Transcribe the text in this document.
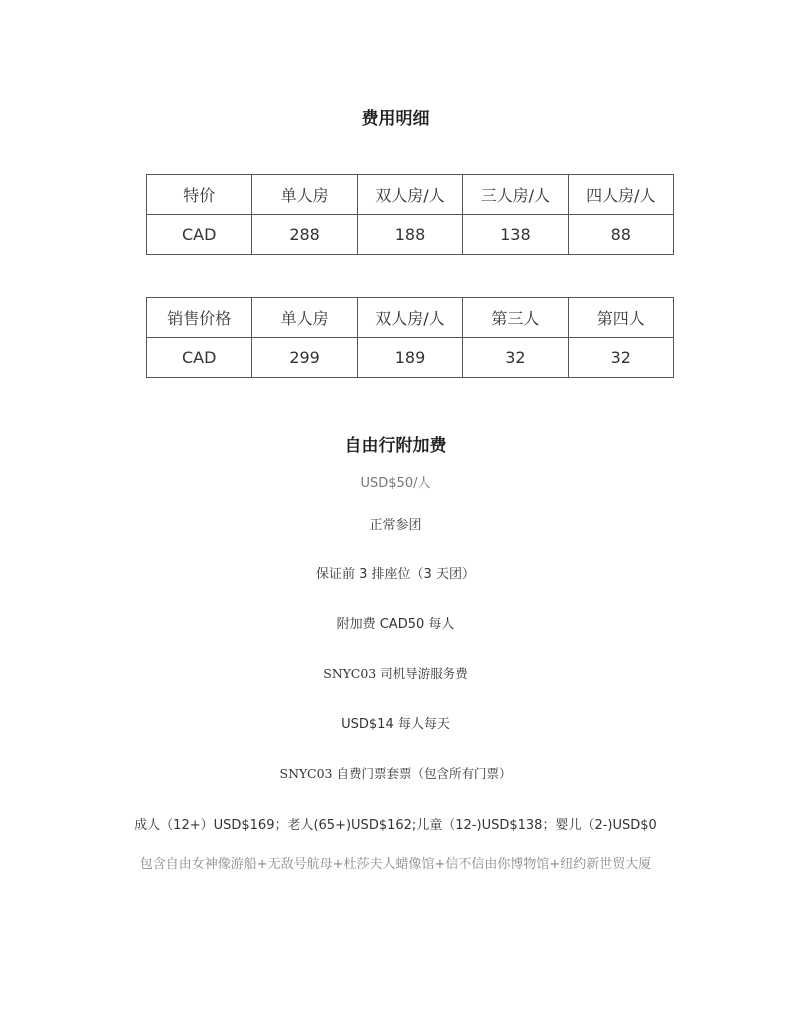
费用明细
特价	单人房	双人房/人	三人房/人	四人房/人
CAD	288	188	138	88
销售价格	单人房	双人房/人	第三人	第四人
CAD	299	189	32	32
自由行附加费
USD$50/人
正常参团
保证前 3 排座位（3 天团）
附加费 CAD50 每人
SNYC03 司机导游服务费
USD$14 每人每天
SNYC03 自费门票套票（包含所有门票）
成人（12+）USD$169；老人(65+)USD$162;儿童（12-)USD$138；婴儿（2-)USD$0
包含自由女神像游船+无敌号航母+杜莎夫人蜡像馆+信不信由你博物馆+纽约新世贸大厦
